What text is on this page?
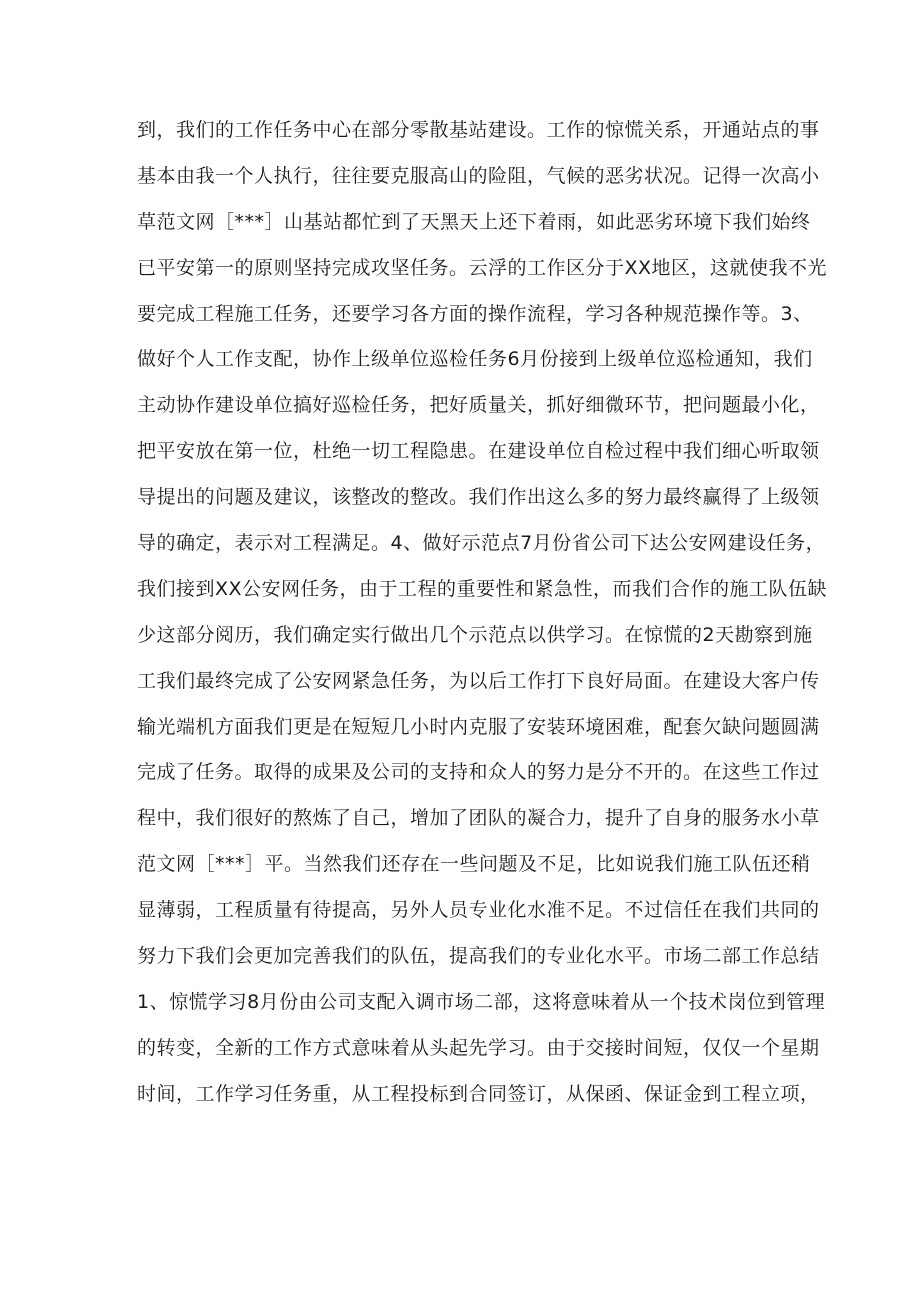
到，我们的工作任务中心在部分零散基站建设。工作的惊慌关系，开通站点的事
基本由我一个人执行，往往要克服高山的险阻，气候的恶劣状况。记得一次高小
草范文网［***］山基站都忙到了天黑天上还下着雨，如此恶劣环境下我们始终
已平安第一的原则坚持完成攻坚任务。云浮的工作区分于XX地区，这就使我不光
要完成工程施工任务，还要学习各方面的操作流程，学习各种规范操作等。3、
做好个人工作支配，协作上级单位巡检任务6月份接到上级单位巡检通知，我们
主动协作建设单位搞好巡检任务，把好质量关，抓好细微环节，把问题最小化，
把平安放在第一位，杜绝一切工程隐患。在建设单位自检过程中我们细心听取领
导提出的问题及建议，该整改的整改。我们作出这么多的努力最终赢得了上级领
导的确定，表示对工程满足。4、做好示范点7月份省公司下达公安网建设任务，
我们接到XX公安网任务，由于工程的重要性和紧急性，而我们合作的施工队伍缺
少这部分阅历，我们确定实行做出几个示范点以供学习。在惊慌的2天勘察到施
工我们最终完成了公安网紧急任务，为以后工作打下良好局面。在建设大客户传
输光端机方面我们更是在短短几小时内克服了安装环境困难，配套欠缺问题圆满
完成了任务。取得的成果及公司的支持和众人的努力是分不开的。在这些工作过
程中，我们很好的熬炼了自己，增加了团队的凝合力，提升了自身的服务水小草
范文网［***］平。当然我们还存在一些问题及不足，比如说我们施工队伍还稍
显薄弱，工程质量有待提高，另外人员专业化水准不足。不过信任在我们共同的
努力下我们会更加完善我们的队伍，提高我们的专业化水平。市场二部工作总结
1、惊慌学习8月份由公司支配入调市场二部，这将意味着从一个技术岗位到管理
的转变，全新的工作方式意味着从头起先学习。由于交接时间短，仅仅一个星期
时间，工作学习任务重，从工程投标到合同签订，从保函、保证金到工程立项，
